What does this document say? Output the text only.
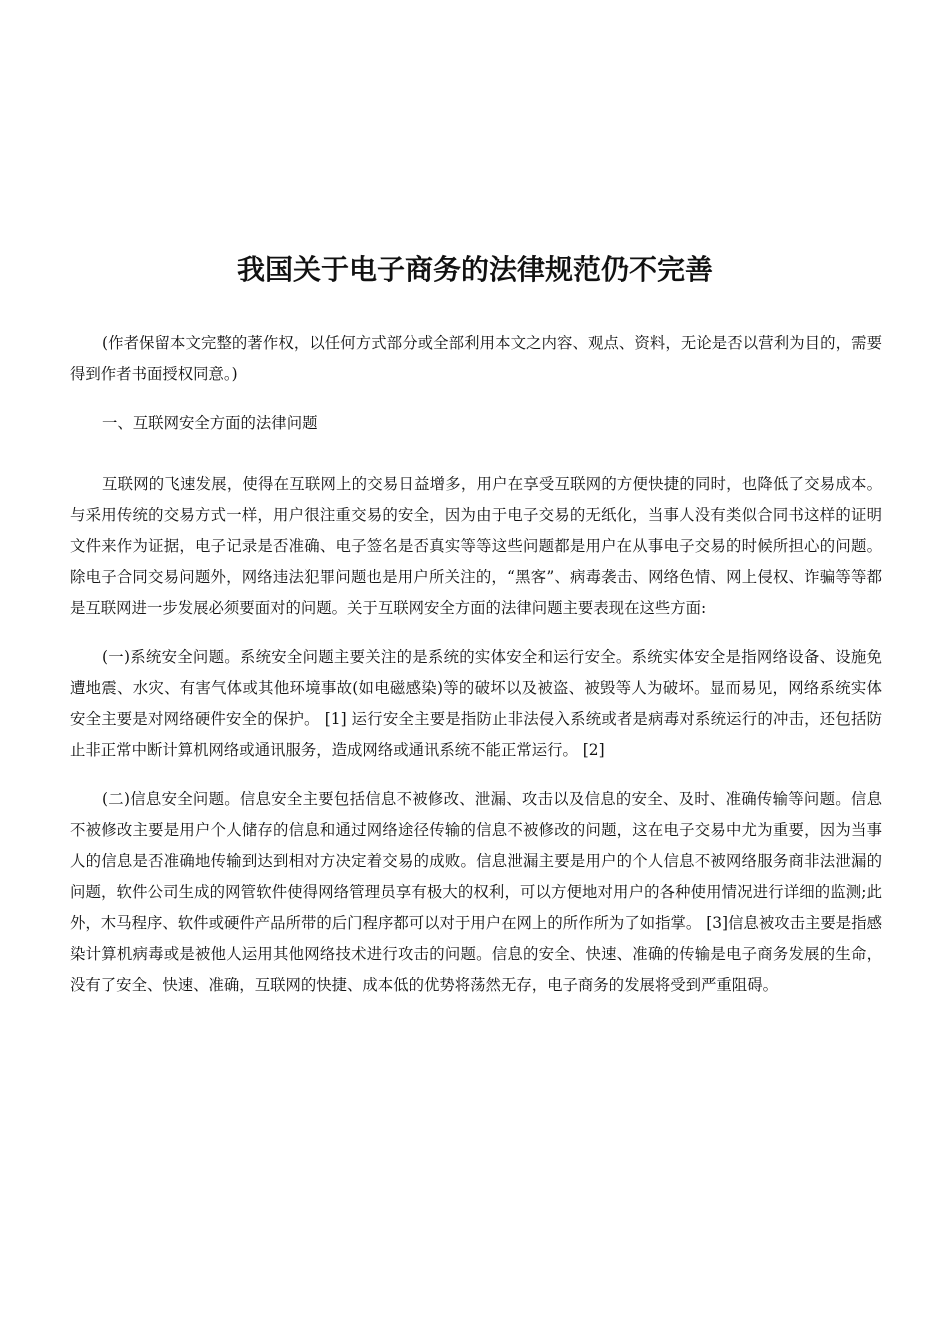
我国关于电子商务的法律规范仍不完善

(作者保留本文完整的著作权，以任何方式部分或全部利用本文之内容、观点、资料，无论是否以营利为目的，需要得到作者书面授权同意。)

一、互联网安全方面的法律问题

互联网的飞速发展，使得在互联网上的交易日益增多，用户在享受互联网的方便快捷的同时，也降低了交易成本。与采用传统的交易方式一样，用户很注重交易的安全，因为由于电子交易的无纸化，当事人没有类似合同书这样的证明文件来作为证据，电子记录是否准确、电子签名是否真实等等这些问题都是用户在从事电子交易的时候所担心的问题。除电子合同交易问题外，网络违法犯罪问题也是用户所关注的，“黑客”、病毒袭击、网络色情、网上侵权、诈骗等等都是互联网进一步发展必须要面对的问题。关于互联网安全方面的法律问题主要表现在这些方面:

(一)系统安全问题。系统安全问题主要关注的是系统的实体安全和运行安全。系统实体安全是指网络设备、设施免遭地震、水灾、有害气体或其他环境事故(如电磁感染)等的破坏以及被盗、被毁等人为破坏。显而易见，网络系统实体安全主要是对网络硬件安全的保护。 [1] 运行安全主要是指防止非法侵入系统或者是病毒对系统运行的冲击，还包括防止非正常中断计算机网络或通讯服务，造成网络或通讯系统不能正常运行。 [2]

(二)信息安全问题。信息安全主要包括信息不被修改、泄漏、攻击以及信息的安全、及时、准确传输等问题。信息不被修改主要是用户个人储存的信息和通过网络途径传输的信息不被修改的问题，这在电子交易中尤为重要，因为当事人的信息是否准确地传输到达到相对方决定着交易的成败。信息泄漏主要是用户的个人信息不被网络服务商非法泄漏的问题，软件公司生成的网管软件使得网络管理员享有极大的权利，可以方便地对用户的各种使用情况进行详细的监测;此外，木马程序、软件或硬件产品所带的后门程序都可以对于用户在网上的所作所为了如指掌。 [3]信息被攻击主要是指感染计算机病毒或是被他人运用其他网络技术进行攻击的问题。信息的安全、快速、准确的传输是电子商务发展的生命，没有了安全、快速、准确，互联网的快捷、成本低的优势将荡然无存，电子商务的发展将受到严重阻碍。
